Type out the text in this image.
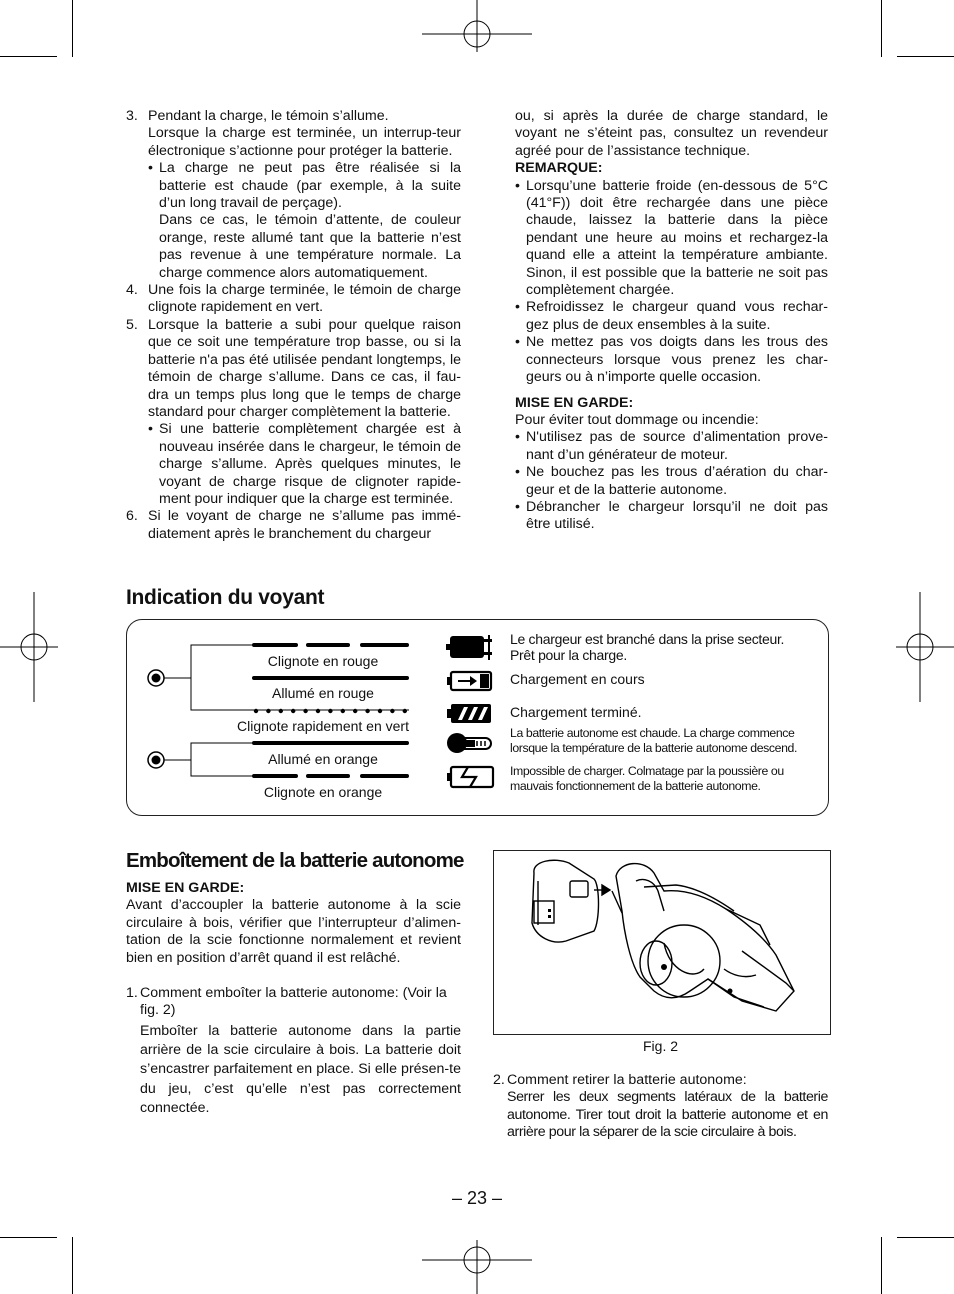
3. Pendant la charge, le témoin s’allume.

Lorsque la charge est terminée, un interrup-teur électronique s’actionne pour protéger la batterie.

• La charge ne peut pas être réalisée si la batterie est chaude (par exemple, à la suite d’un long travail de perçage).

Dans ce cas, le témoin d’attente, de couleur orange, reste allumé tant que la batterie n’est pas revenue à une température normale. La charge commence alors automatiquement.

4. Une fois la charge terminée, le témoin de charge clignote rapidement en vert.
5. Lorsque la batterie a subi pour quelque raison que ce soit une température trop basse, ou si la batterie n'a pas été utilisée pendant longtemps, le témoin de charge s’allume. Dans ce cas, il fau-dra un temps plus long que le temps de charge standard pour charger complètement la batterie.
• Si une batterie complètement chargée est à nouveau insérée dans le chargeur, le témoin de charge s’allume. Après quelques minutes, le voyant de charge risque de clignoter rapide-ment pour indiquer que la charge est terminée.
6. Si le voyant de charge ne s’allume pas immé-diatement après le branchement du chargeur

ou, si après la durée de charge standard, le voyant ne s’éteint pas, consultez un revendeur agréé pour de l’assistance technique.

REMARQUE:

• Lorsqu’une batterie froide (en-dessous de 5°C (41°F)) doit être rechargée dans une pièce chaude, laissez la batterie dans la pièce pendant une heure au moins et rechargez-la quand elle a atteint la température ambiante. Sinon, il est possible que la batterie ne soit pas complètement chargée.
• Refroidissez le chargeur quand vous rechar-gez plus de deux ensembles à la suite.
• Ne mettez pas vos doigts dans les trous des connecteurs lorsque vous prenez les char-geurs ou à n’importe quelle occasion.

MISE EN GARDE:

Pour éviter tout dommage ou incendie:

• N'utilisez pas de source d’alimentation prove-nant d’un générateur de moteur.
• Ne bouchez pas les trous d’aération du char-geur et de la batterie autonome.
• Débrancher le chargeur lorsqu’il ne doit pas être utilisé.
Indication du voyant
Clignote en rouge
Allumé en rouge
Clignote rapidement en vert
Allumé en orange
Clignote en orange
Le chargeur est branché dans la prise secteur. Prêt pour la charge.
Chargement en cours
Chargement terminé.
La batterie autonome est chaude. La charge commence lorsque la température de la batterie autonome descend.
Impossible de charger. Colmatage par la poussière ou mauvais fonctionnement de la batterie autonome.
Emboîtement de la batterie autonome

MISE EN GARDE:

Avant d’accoupler la batterie autonome à la scie circulaire à bois, vérifier que l’interrupteur d’alimen-tation de la scie fonctionne normalement et revient bien en position d’arrêt quand il est relâché.

1. Comment emboîter la batterie autonome: (Voir la fig. 2)

Emboîter la batterie autonome dans la partie arrière de la scie circulaire à bois. La batterie doit s’encastrer parfaitement en place. Si elle présen-te du jeu, c’est qu’elle n’est pas correctement connectée.

Fig. 2
2. Comment retirer la batterie autonome:

Serrer les deux segments latéraux de la batterie autonome. Tirer tout droit la batterie autonome et en arrière pour la séparer de la scie circulaire à bois.

– 23 –
